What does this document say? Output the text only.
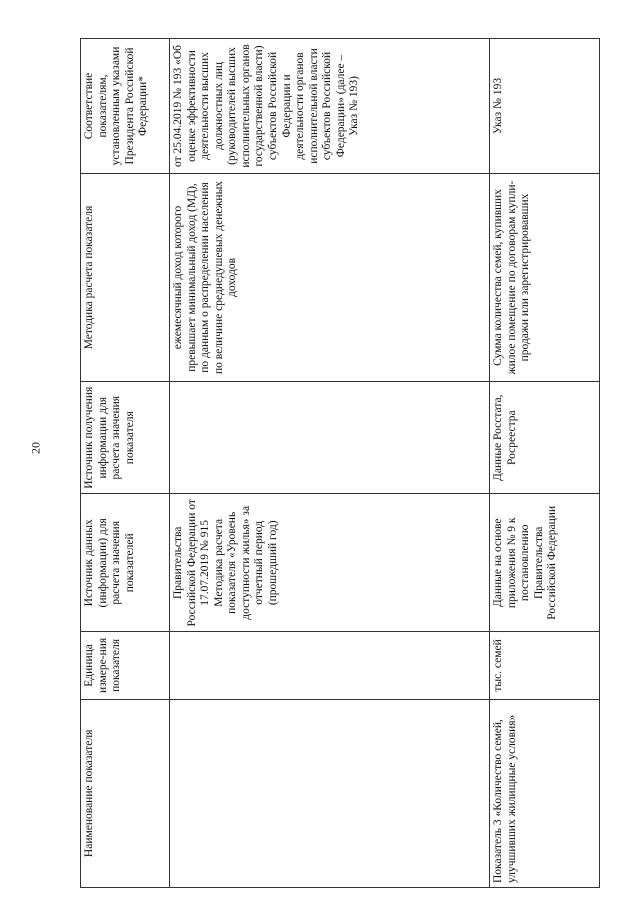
20
Наименование показателя	Единица измере-ния показателя	Источник данных (информации) для расчета значения показателей	Источник получения информации для расчета значения показателя	Методика расчета показателя	Соответствие показателям, установленным указами Президента Российской Федерации*
		Правительства Российской Федерации от 17.07.2019 № 915 Методика расчета показателя «Уровень доступности жилья» за отчетный период (прошедший год)		ежемесячный доход которого превышает минимальный доход (МД), по данным о распределении населения по величине среднедушевых денежных доходов	от 25.04.2019 № 193 «Об оценке эффективности деятельности высших должностных лиц (руководителей высших исполнительных органов государственной власти) субъектов Российской Федерации и деятельности органов исполнительной власти субъектов Российской Федерации» (далее – Указ № 193)
Показатель 3 «Количество семей, улучшивших жилищные условия»	тыс. семей	Данные на основе приложения № 9 к постановлению Правительства Российской Федерации	Данные Росстата, Росреестра	Сумма количества семей, купивших жилое помещение по договорам купли-продажи или зарегистрировавших	Указ № 193
